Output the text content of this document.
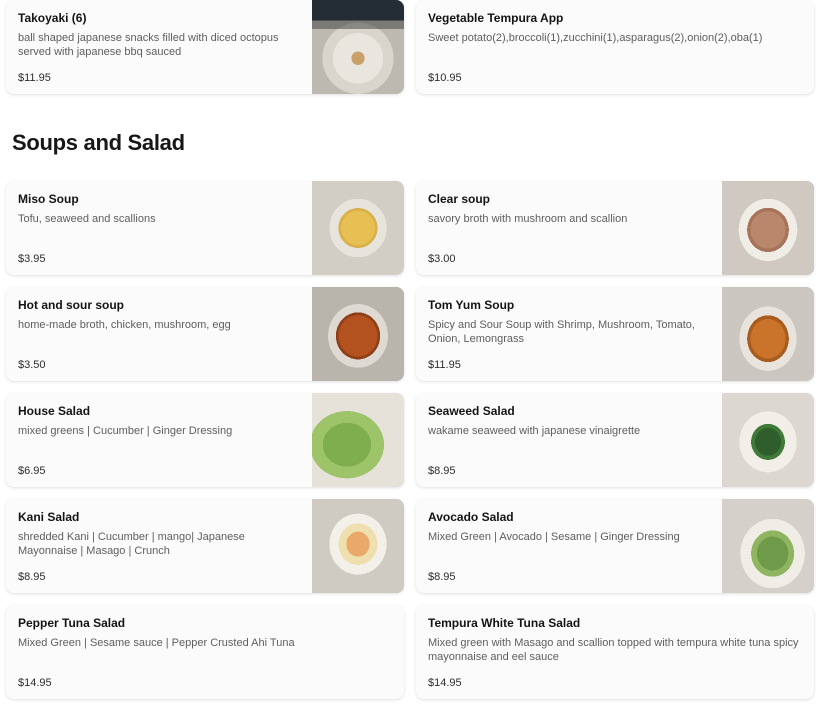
Takoyaki (6)
ball shaped japanese snacks filled with diced octopus served with japanese bbq sauced
$11.95
Vegetable Tempura App
Sweet potato(2),broccoli(1),zucchini(1),asparagus(2),onion(2),oba(1)
$10.95
Soups and Salad
Miso Soup
Tofu, seaweed and scallions
$3.95
Clear soup
savory broth with mushroom and scallion
$3.00
Hot and sour soup
home-made broth, chicken, mushroom, egg
$3.50
Tom Yum Soup
Spicy and Sour Soup with Shrimp, Mushroom, Tomato, Onion, Lemongrass
$11.95
House Salad
mixed greens | Cucumber | Ginger Dressing
$6.95
Seaweed Salad
wakame seaweed with japanese vinaigrette
$8.95
Kani Salad
shredded Kani | Cucumber | mango| Japanese Mayonnaise | Masago | Crunch
$8.95
Avocado Salad
Mixed Green | Avocado | Sesame | Ginger Dressing
$8.95
Pepper Tuna Salad
Mixed Green | Sesame sauce | Pepper Crusted Ahi Tuna
$14.95
Tempura White Tuna Salad
Mixed green with Masago and scallion topped with tempura white tuna spicy mayonnaise and eel sauce
$14.95
